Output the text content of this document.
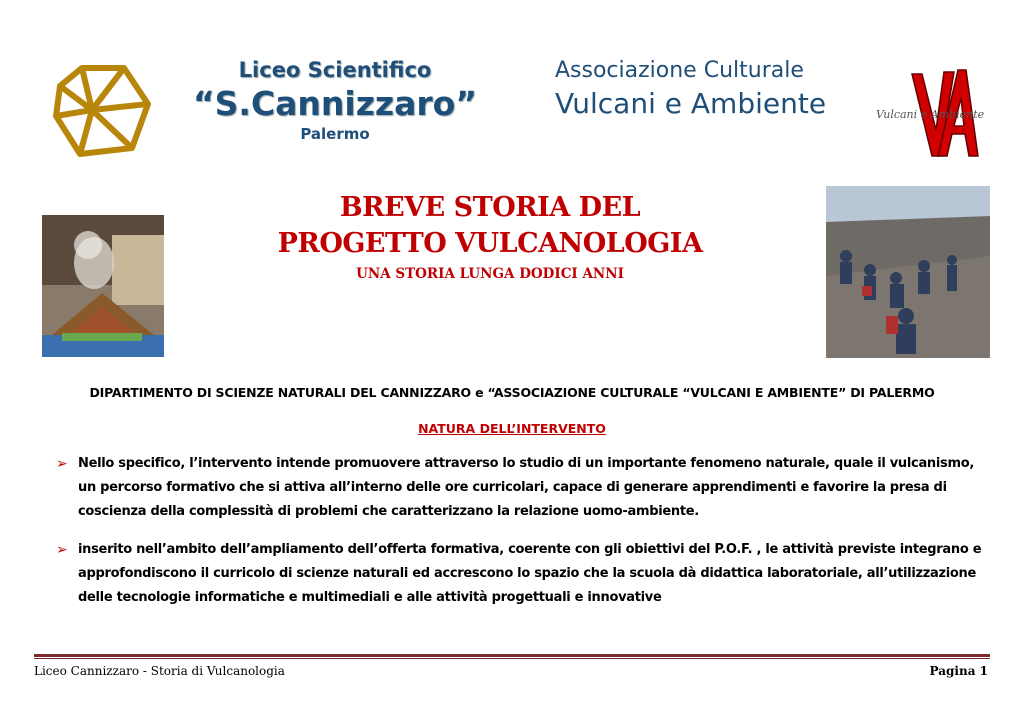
Liceo Scientifico
“S.Cannizzaro”
Palermo
Associazione Culturale
Vulcani e Ambiente	Vulcani e Ambiente
BREVE STORIA DEL
PROGETTO VULCANOLOGIA
UNA STORIA LUNGA DODICI ANNI
DIPARTIMENTO DI SCIENZE NATURALI DEL CANNIZZARO e “ASSOCIAZIONE CULTURALE “VULCANI E AMBIENTE” DI PALERMO
NATURA DELL’INTERVENTO
➢ Nello specifico, l’intervento intende promuovere attraverso lo studio di un importante fenomeno naturale, quale il vulcanismo, un percorso formativo che si attiva all’interno delle ore curricolari, capace di generare apprendimenti e favorire la presa di coscienza della complessità di problemi che caratterizzano la relazione uomo-ambiente.
➢ inserito nell’ambito dell’ampliamento dell’offerta formativa, coerente con gli obiettivi del P.O.F. , le attività previste integrano e approfondiscono il curricolo di scienze naturali ed accrescono lo spazio che la scuola dà didattica laboratoriale, all’utilizzazione delle tecnologie informatiche e multimediali e alle attività progettuali e innovative
Liceo Cannizzaro - Storia di Vulcanologia	Pagina 1
